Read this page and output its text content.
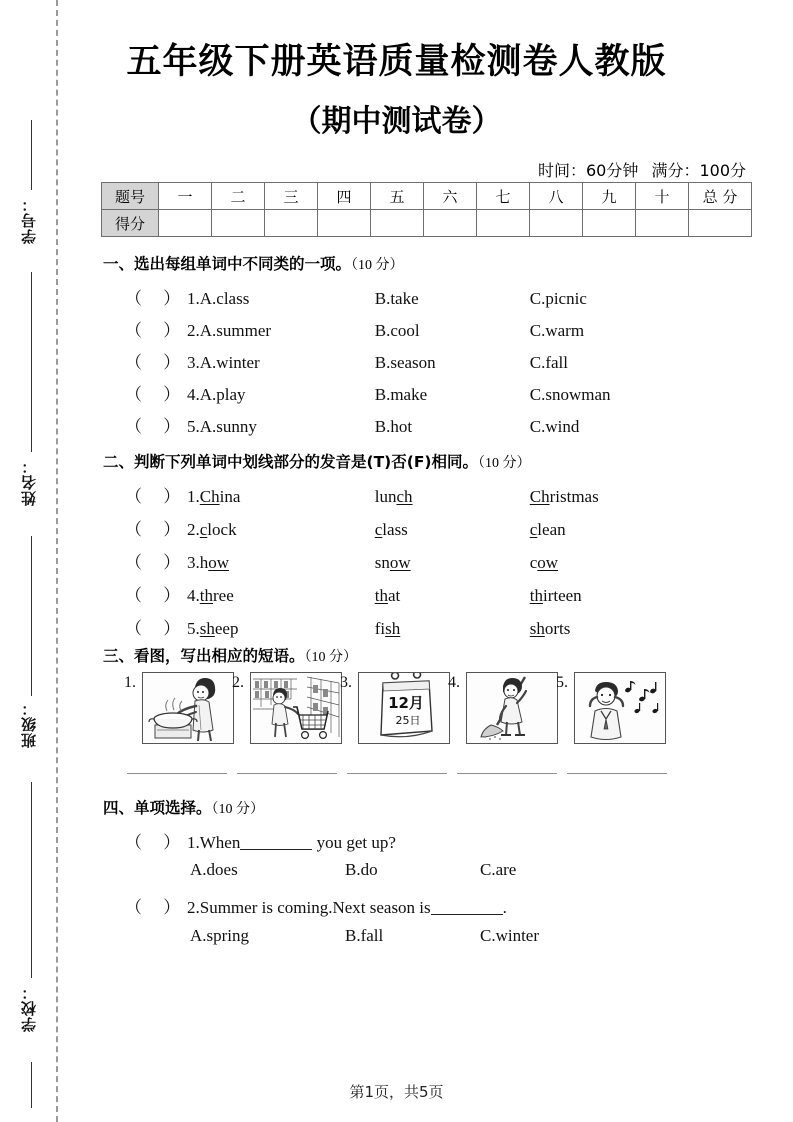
学号：
姓名：
班级：
学校：
五年级下册英语质量检测卷人教版
（期中测试卷）
时间：60分钟 满分：100分
题号	一	二	三	四	五	六	七	八	九	十	总 分
得分											
一、选出每组单词中不同类的一项。（10 分）
（     ） 1.A.class	B.take	C.picnic
（     ） 2.A.summer	B.cool	C.warm
（     ） 3.A.winter	B.season	C.fall
（     ） 4.A.play	B.make	C.snowman
（     ） 5.A.sunny	B.hot	C.wind
二、判断下列单词中划线部分的发音是(T)否(F)相同。（10 分）
（     ） 1.China	lunch	Christmas
（     ） 2.clock	class	clean
（     ） 3.how	snow	cow
（     ） 4.three	that	thirteen
（     ） 5.sheep	fish	shorts
三、看图，写出相应的短语。（10 分）
1.	2.	3.
12月
25日
4.	5.
四、单项选择。（10 分）
（     ） 1.When	you get up?
A.does	B.do	C.are
（     ） 2.Summer is coming.Next season is	.
A.spring	B.fall	C.winter
第1页，共5页
